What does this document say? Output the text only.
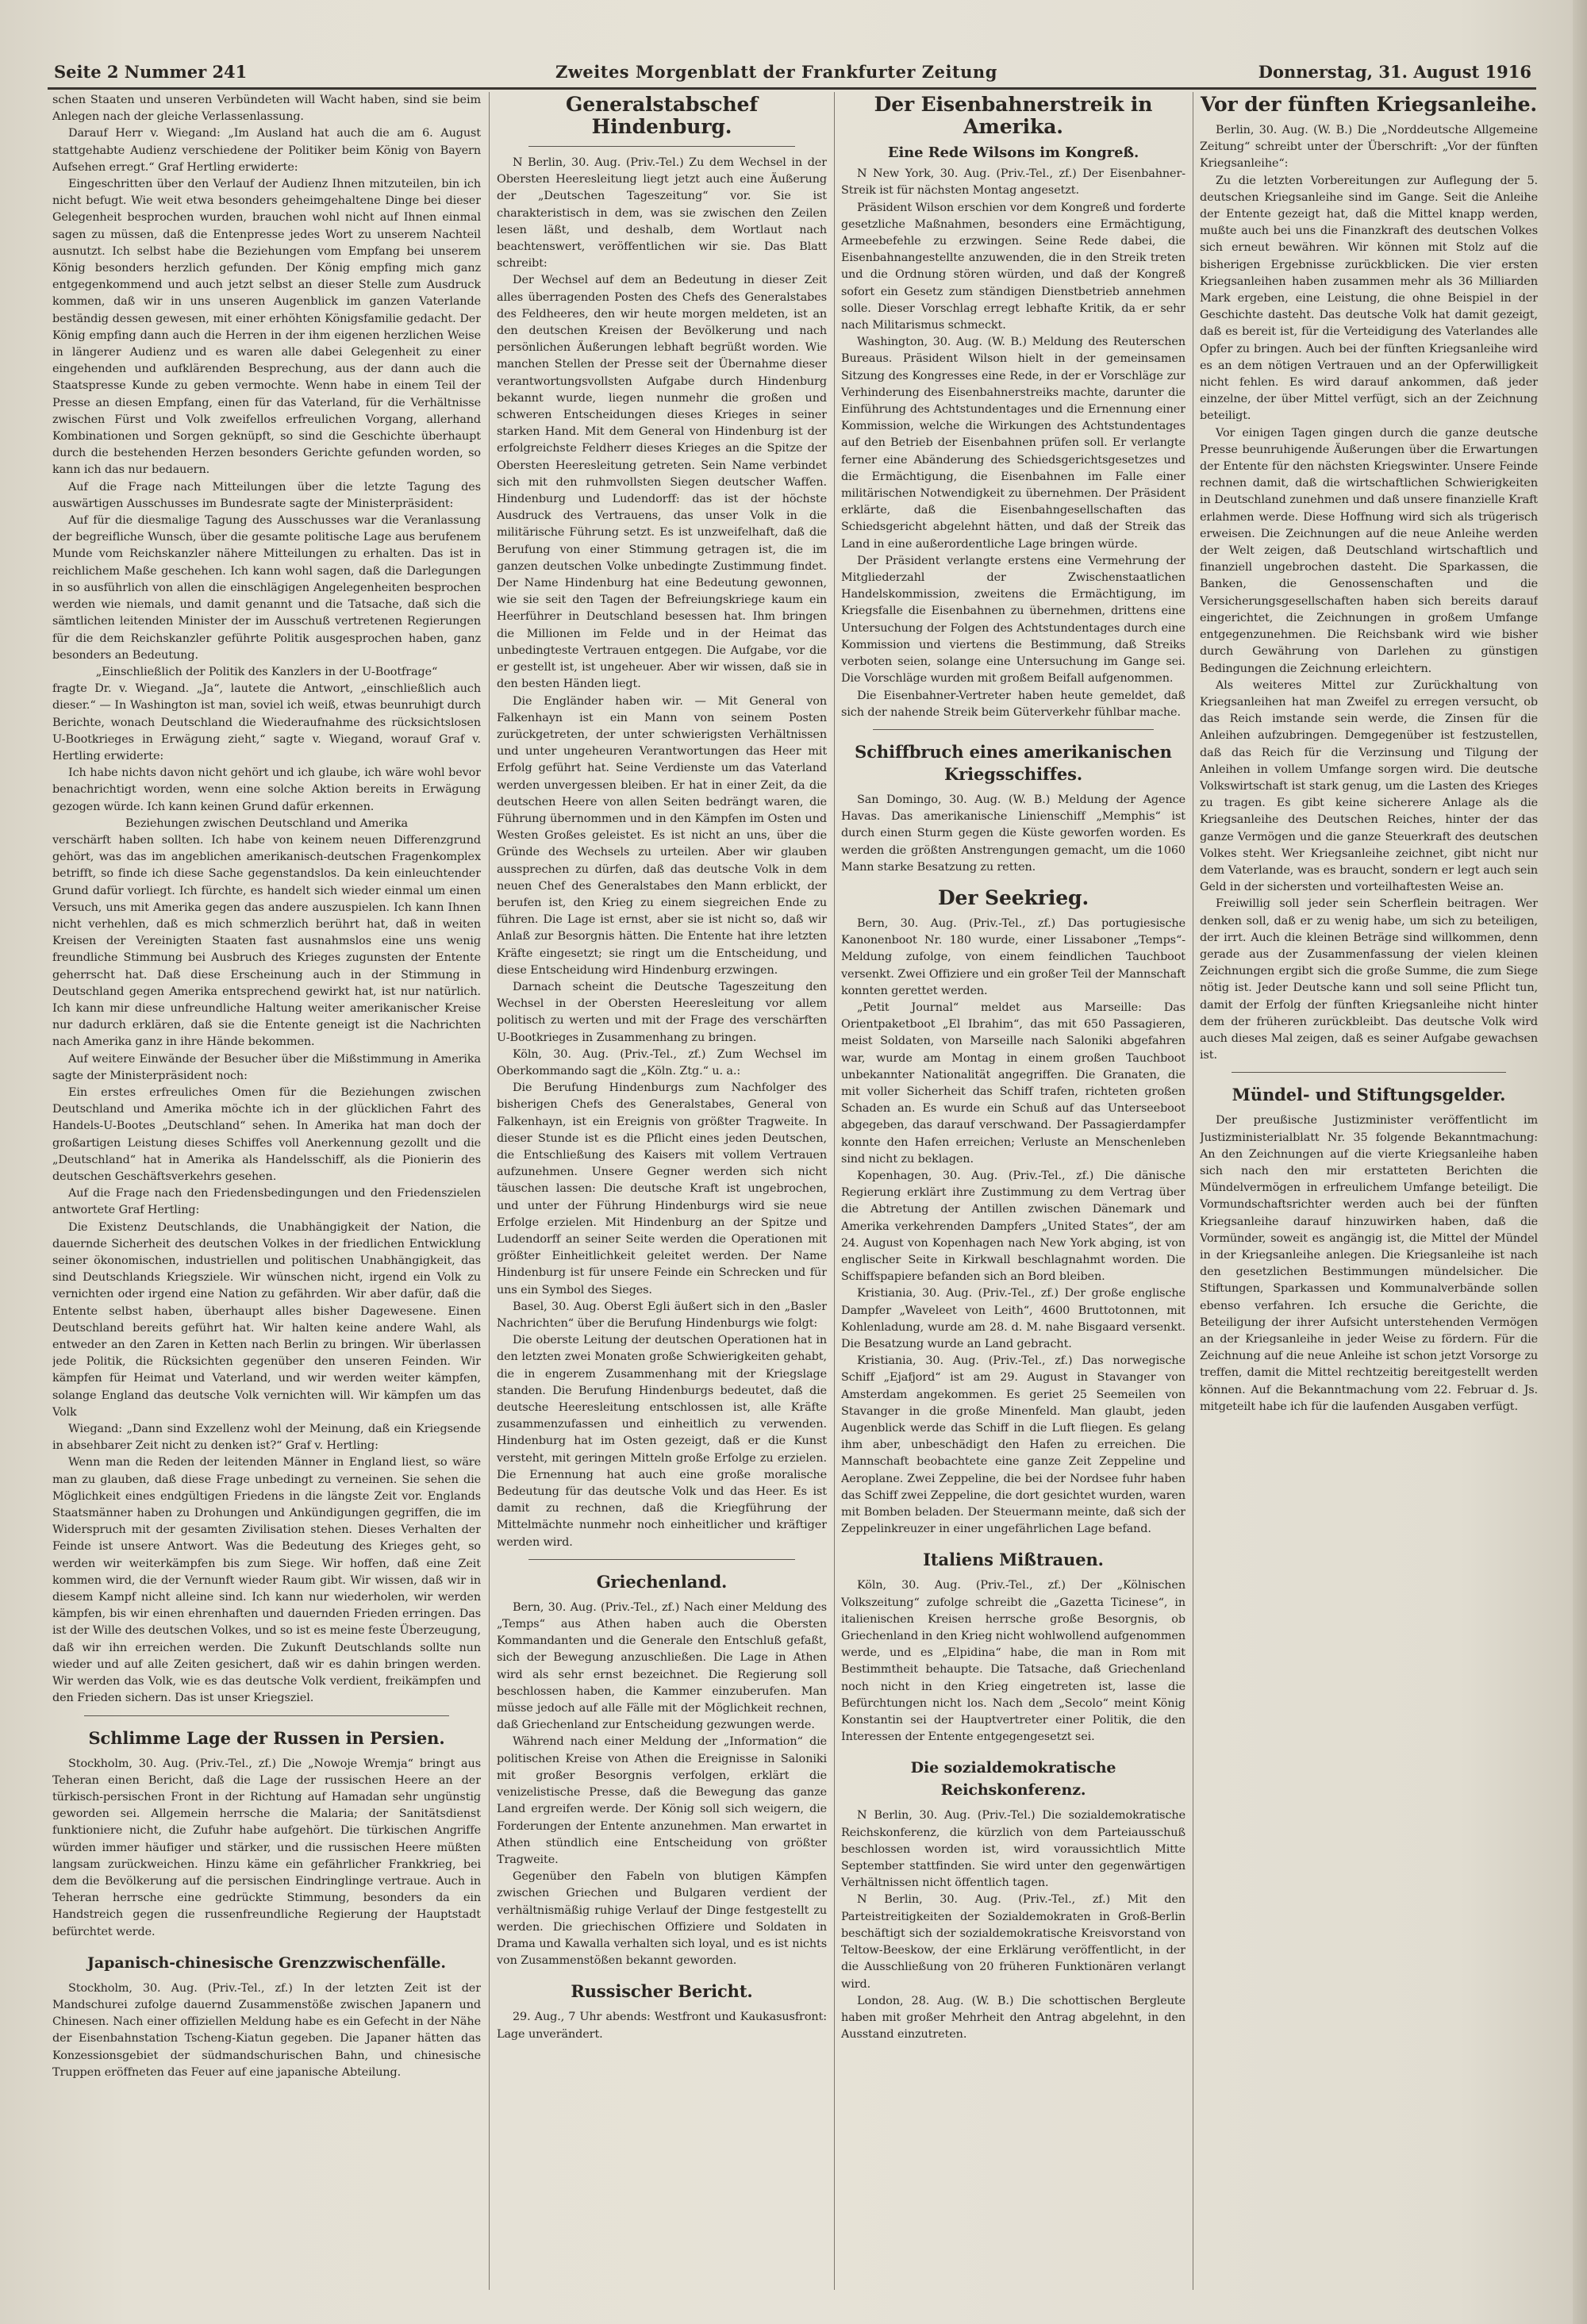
Seite 2 Nummer 241	Zweites Morgenblatt der Frankfurter Zeitung	Donnerstag, 31. August 1916

schen Staaten und unseren Verbündeten will Wacht haben, sind sie beim Anlegen nach der gleiche Verlassenlassung.

Darauf Herr v. Wiegand: „Im Ausland hat auch die am 6. August stattgehabte Audienz verschiedene der Politiker beim König von Bayern Aufsehen erregt.“ Graf Hertling erwiderte:

Eingeschritten über den Verlauf der Audienz Ihnen mitzuteilen, bin ich nicht befugt. Wie weit etwa besonders geheimgehaltene Dinge bei dieser Gelegenheit besprochen wurden, brauchen wohl nicht auf Ihnen einmal sagen zu müssen, daß die Entenpresse jedes Wort zu unserem Nachteil ausnutzt. Ich selbst habe die Beziehungen vom Empfang bei unserem König besonders herzlich gefunden. Der König empfing mich ganz entgegenkommend und auch jetzt selbst an dieser Stelle zum Ausdruck kommen, daß wir in uns unseren Augenblick im ganzen Vaterlande beständig dessen gewesen, mit einer erhöhten Königsfamilie gedacht. Der König empfing dann auch die Herren in der ihm eigenen herzlichen Weise in längerer Audienz und es waren alle dabei Gelegenheit zu einer eingehenden und aufklärenden Besprechung, aus der dann auch die Staatspresse Kunde zu geben vermochte. Wenn habe in einem Teil der Presse an diesen Empfang, einen für das Vaterland, für die Verhältnisse zwischen Fürst und Volk zweifellos erfreulichen Vorgang, allerhand Kombinationen und Sorgen geknüpft, so sind die Geschichte überhaupt durch die bestehenden Herzen besonders Gerichte gefunden worden, so kann ich das nur bedauern.

Auf die Frage nach Mitteilungen über die letzte Tagung des auswärtigen Ausschusses im Bundesrate sagte der Ministerpräsident:

Auf für die diesmalige Tagung des Ausschusses war die Veranlassung der begreifliche Wunsch, über die gesamte politische Lage aus berufenem Munde vom Reichskanzler nähere Mitteilungen zu erhalten. Das ist in reichlichem Maße geschehen. Ich kann wohl sagen, daß die Darlegungen in so ausführlich von allen die einschlägigen Angelegenheiten besprochen werden wie niemals, und damit genannt und die Tatsache, daß sich die sämtlichen leitenden Minister der im Ausschuß vertretenen Regierungen für die dem Reichskanzler geführte Politik ausgesprochen haben, ganz besonders an Bedeutung.

„Einschließlich der Politik des Kanzlers in der U-Bootfrage“

fragte Dr. v. Wiegand. „Ja“, lautete die Antwort, „einschließlich auch dieser.“ — In Washington ist man, soviel ich weiß, etwas beunruhigt durch Berichte, wonach Deutschland die Wiederaufnahme des rücksichtslosen U-Bootkrieges in Erwägung zieht,“ sagte v. Wiegand, worauf Graf v. Hertling erwiderte:

Ich habe nichts davon nicht gehört und ich glaube, ich wäre wohl bevor benachrichtigt worden, wenn eine solche Aktion bereits in Erwägung gezogen würde. Ich kann keinen Grund dafür erkennen.

Beziehungen zwischen Deutschland und Amerika

verschärft haben sollten. Ich habe von keinem neuen Differenzgrund gehört, was das im angeblichen amerikanisch-deutschen Fragenkomplex betrifft, so finde ich diese Sache gegenstandslos. Da kein einleuchtender Grund dafür vorliegt. Ich fürchte, es handelt sich wieder einmal um einen Versuch, uns mit Amerika gegen das andere auszuspielen. Ich kann Ihnen nicht verhehlen, daß es mich schmerzlich berührt hat, daß in weiten Kreisen der Vereinigten Staaten fast ausnahmslos eine uns wenig freundliche Stimmung bei Ausbruch des Krieges zugunsten der Entente geherrscht hat. Daß diese Erscheinung auch in der Stimmung in Deutschland gegen Amerika entsprechend gewirkt hat, ist nur natürlich. Ich kann mir diese unfreundliche Haltung weiter amerikanischer Kreise nur dadurch erklären, daß sie die Entente geneigt ist die Nachrichten nach Amerika ganz in ihre Hände bekommen.

Auf weitere Einwände der Besucher über die Mißstimmung in Amerika sagte der Ministerpräsident noch:

Ein erstes erfreuliches Omen für die Beziehungen zwischen Deutschland und Amerika möchte ich in der glücklichen Fahrt des Handels-U-Bootes „Deutschland“ sehen. In Amerika hat man doch der großartigen Leistung dieses Schiffes voll Anerkennung gezollt und die „Deutschland“ hat in Amerika als Handelsschiff, als die Pionierin des deutschen Geschäftsverkehrs gesehen.

Auf die Frage nach den Friedensbedingungen und den Friedenszielen antwortete Graf Hertling:

Die Existenz Deutschlands, die Unabhängigkeit der Nation, die dauernde Sicherheit des deutschen Volkes in der friedlichen Entwicklung seiner ökonomischen, industriellen und politischen Unabhängigkeit, das sind Deutschlands Kriegsziele. Wir wünschen nicht, irgend ein Volk zu vernichten oder irgend eine Nation zu gefährden. Wir aber dafür, daß die Entente selbst haben, überhaupt alles bisher Dagewesene. Einen Deutschland bereits geführt hat. Wir halten keine andere Wahl, als entweder an den Zaren in Ketten nach Berlin zu bringen. Wir überlassen jede Politik, die Rücksichten gegenüber den unseren Feinden. Wir kämpfen für Heimat und Vaterland, und wir werden weiter kämpfen, solange England das deutsche Volk vernichten will. Wir kämpfen um das Volk

Wiegand: „Dann sind Exzellenz wohl der Meinung, daß ein Kriegsende in absehbarer Zeit nicht zu denken ist?“ Graf v. Hertling:

Wenn man die Reden der leitenden Männer in England liest, so wäre man zu glauben, daß diese Frage unbedingt zu verneinen. Sie sehen die Möglichkeit eines endgültigen Friedens in die längste Zeit vor. Englands Staatsmänner haben zu Drohungen und Ankündigungen gegriffen, die im Widerspruch mit der gesamten Zivilisation stehen. Dieses Verhalten der Feinde ist unsere Antwort. Was die Bedeutung des Krieges geht, so werden wir weiterkämpfen bis zum Siege. Wir hoffen, daß eine Zeit kommen wird, die der Vernunft wieder Raum gibt. Wir wissen, daß wir in diesem Kampf nicht alleine sind. Ich kann nur wiederholen, wir werden kämpfen, bis wir einen ehrenhaften und dauernden Frieden erringen. Das ist der Wille des deutschen Volkes, und so ist es meine feste Überzeugung, daß wir ihn erreichen werden. Die Zukunft Deutschlands sollte nun wieder und auf alle Zeiten gesichert, daß wir es dahin bringen werden. Wir werden das Volk, wie es das deutsche Volk verdient, freikämpfen und den Frieden sichern. Das ist unser Kriegsziel.

Schlimme Lage der Russen in Persien.

Stockholm, 30. Aug. (Priv.-Tel., zf.) Die „Nowoje Wremja“ bringt aus Teheran einen Bericht, daß die Lage der russischen Heere an der türkisch-persischen Front in der Richtung auf Hamadan sehr ungünstig geworden sei. Allgemein herrsche die Malaria; der Sanitätsdienst funktioniere nicht, die Zufuhr habe aufgehört. Die türkischen Angriffe würden immer häufiger und stärker, und die russischen Heere müßten langsam zurückweichen. Hinzu käme ein gefährlicher Frankkrieg, bei dem die Bevölkerung auf die persischen Eindringlinge vertraue. Auch in Teheran herrsche eine gedrückte Stimmung, besonders da ein Handstreich gegen die russenfreundliche Regierung der Hauptstadt befürchtet werde.

Japanisch-chinesische Grenzzwischenfälle.

Stockholm, 30. Aug. (Priv.-Tel., zf.) In der letzten Zeit ist der Mandschurei zufolge dauernd Zusammenstöße zwischen Japanern und Chinesen. Nach einer offiziellen Meldung habe es ein Gefecht in der Nähe der Eisenbahnstation Tscheng-Kiatun gegeben. Die Japaner hätten das Konzessionsgebiet der südmandschurischen Bahn, und chinesische Truppen eröffneten das Feuer auf eine japanische Abteilung.

Generalstabschef Hindenburg.

N Berlin, 30. Aug. (Priv.-Tel.) Zu dem Wechsel in der Obersten Heeresleitung liegt jetzt auch eine Äußerung der „Deutschen Tageszeitung“ vor. Sie ist charakteristisch in dem, was sie zwischen den Zeilen lesen läßt, und deshalb, dem Wortlaut nach beachtenswert, veröffentlichen wir sie. Das Blatt schreibt:

Der Wechsel auf dem an Bedeutung in dieser Zeit alles überragenden Posten des Chefs des Generalstabes des Feldheeres, den wir heute morgen meldeten, ist an den deutschen Kreisen der Bevölkerung und nach persönlichen Äußerungen lebhaft begrüßt worden. Wie manchen Stellen der Presse seit der Übernahme dieser verantwortungsvollsten Aufgabe durch Hindenburg bekannt wurde, liegen nunmehr die großen und schweren Entscheidungen dieses Krieges in seiner starken Hand. Mit dem General von Hindenburg ist der erfolgreichste Feldherr dieses Krieges an die Spitze der Obersten Heeresleitung getreten. Sein Name verbindet sich mit den ruhmvollsten Siegen deutscher Waffen. Hindenburg und Ludendorff: das ist der höchste Ausdruck des Vertrauens, das unser Volk in die militärische Führung setzt. Es ist unzweifelhaft, daß die Berufung von einer Stimmung getragen ist, die im ganzen deutschen Volke unbedingte Zustimmung findet. Der Name Hindenburg hat eine Bedeutung gewonnen, wie sie seit den Tagen der Befreiungskriege kaum ein Heerführer in Deutschland besessen hat. Ihm bringen die Millionen im Felde und in der Heimat das unbedingteste Vertrauen entgegen. Die Aufgabe, vor die er gestellt ist, ist ungeheuer. Aber wir wissen, daß sie in den besten Händen liegt.

Die Engländer haben wir. — Mit General von Falkenhayn ist ein Mann von seinem Posten zurückgetreten, der unter schwierigsten Verhältnissen und unter ungeheuren Verantwortungen das Heer mit Erfolg geführt hat. Seine Verdienste um das Vaterland werden unvergessen bleiben. Er hat in einer Zeit, da die deutschen Heere von allen Seiten bedrängt waren, die Führung übernommen und in den Kämpfen im Osten und Westen Großes geleistet. Es ist nicht an uns, über die Gründe des Wechsels zu urteilen. Aber wir glauben aussprechen zu dürfen, daß das deutsche Volk in dem neuen Chef des Generalstabes den Mann erblickt, der berufen ist, den Krieg zu einem siegreichen Ende zu führen. Die Lage ist ernst, aber sie ist nicht so, daß wir Anlaß zur Besorgnis hätten. Die Entente hat ihre letzten Kräfte eingesetzt; sie ringt um die Entscheidung, und diese Entscheidung wird Hindenburg erzwingen.

Darnach scheint die Deutsche Tageszeitung den Wechsel in der Obersten Heeresleitung vor allem politisch zu werten und mit der Frage des verschärften U-Bootkrieges in Zusammenhang zu bringen.

Köln, 30. Aug. (Priv.-Tel., zf.) Zum Wechsel im Oberkommando sagt die „Köln. Ztg.“ u. a.:

Die Berufung Hindenburgs zum Nachfolger des bisherigen Chefs des Generalstabes, General von Falkenhayn, ist ein Ereignis von größter Tragweite. In dieser Stunde ist es die Pflicht eines jeden Deutschen, die Entschließung des Kaisers mit vollem Vertrauen aufzunehmen. Unsere Gegner werden sich nicht täuschen lassen: Die deutsche Kraft ist ungebrochen, und unter der Führung Hindenburgs wird sie neue Erfolge erzielen. Mit Hindenburg an der Spitze und Ludendorff an seiner Seite werden die Operationen mit größter Einheitlichkeit geleitet werden. Der Name Hindenburg ist für unsere Feinde ein Schrecken und für uns ein Symbol des Sieges.

Basel, 30. Aug. Oberst Egli äußert sich in den „Basler Nachrichten“ über die Berufung Hindenburgs wie folgt:

Die oberste Leitung der deutschen Operationen hat in den letzten zwei Monaten große Schwierigkeiten gehabt, die in engerem Zusammenhang mit der Kriegslage standen. Die Berufung Hindenburgs bedeutet, daß die deutsche Heeresleitung entschlossen ist, alle Kräfte zusammenzufassen und einheitlich zu verwenden. Hindenburg hat im Osten gezeigt, daß er die Kunst versteht, mit geringen Mitteln große Erfolge zu erzielen. Die Ernennung hat auch eine große moralische Bedeutung für das deutsche Volk und das Heer. Es ist damit zu rechnen, daß die Kriegführung der Mittelmächte nunmehr noch einheitlicher und kräftiger werden wird.

Griechenland.

Bern, 30. Aug. (Priv.-Tel., zf.) Nach einer Meldung des „Temps“ aus Athen haben auch die Obersten Kommandanten und die Generale den Entschluß gefaßt, sich der Bewegung anzuschließen. Die Lage in Athen wird als sehr ernst bezeichnet. Die Regierung soll beschlossen haben, die Kammer einzuberufen. Man müsse jedoch auf alle Fälle mit der Möglichkeit rechnen, daß Griechenland zur Entscheidung gezwungen werde.

Während nach einer Meldung der „Information“ die politischen Kreise von Athen die Ereignisse in Saloniki mit großer Besorgnis verfolgen, erklärt die venizelistische Presse, daß die Bewegung das ganze Land ergreifen werde. Der König soll sich weigern, die Forderungen der Entente anzunehmen. Man erwartet in Athen stündlich eine Entscheidung von größter Tragweite.

Gegenüber den Fabeln von blutigen Kämpfen zwischen Griechen und Bulgaren verdient der verhältnismäßig ruhige Verlauf der Dinge festgestellt zu werden. Die griechischen Offiziere und Soldaten in Drama und Kawalla verhalten sich loyal, und es ist nichts von Zusammenstößen bekannt geworden.

Russischer Bericht.

29. Aug., 7 Uhr abends: Westfront und Kaukasusfront: Lage unverändert.

Der Eisenbahnerstreik in Amerika.
Eine Rede Wilsons im Kongreß.

N New York, 30. Aug. (Priv.-Tel., zf.) Der Eisenbahner-Streik ist für nächsten Montag angesetzt.

Präsident Wilson erschien vor dem Kongreß und forderte gesetzliche Maßnahmen, besonders eine Ermächtigung, Armeebefehle zu erzwingen. Seine Rede dabei, die Eisenbahnangestellte anzuwenden, die in den Streik treten und die Ordnung stören würden, und daß der Kongreß sofort ein Gesetz zum ständigen Dienstbetrieb annehmen solle. Dieser Vorschlag erregt lebhafte Kritik, da er sehr nach Militarismus schmeckt.

Washington, 30. Aug. (W. B.) Meldung des Reuterschen Bureaus. Präsident Wilson hielt in der gemeinsamen Sitzung des Kongresses eine Rede, in der er Vorschläge zur Verhinderung des Eisenbahnerstreiks machte, darunter die Einführung des Achtstundentages und die Ernennung einer Kommission, welche die Wirkungen des Achtstundentages auf den Betrieb der Eisenbahnen prüfen soll. Er verlangte ferner eine Abänderung des Schiedsgerichtsgesetzes und die Ermächtigung, die Eisenbahnen im Falle einer militärischen Notwendigkeit zu übernehmen. Der Präsident erklärte, daß die Eisenbahngesellschaften das Schiedsgericht abgelehnt hätten, und daß der Streik das Land in eine außerordentliche Lage bringen würde.

Der Präsident verlangte erstens eine Vermehrung der Mitgliederzahl der Zwischenstaatlichen Handelskommission, zweitens die Ermächtigung, im Kriegsfalle die Eisenbahnen zu übernehmen, drittens eine Untersuchung der Folgen des Achtstundentages durch eine Kommission und viertens die Bestimmung, daß Streiks verboten seien, solange eine Untersuchung im Gange sei. Die Vorschläge wurden mit großem Beifall aufgenommen.

Die Eisenbahner-Vertreter haben heute gemeldet, daß sich der nahende Streik beim Güterverkehr fühlbar mache.

Schiffbruch eines amerikanischen Kriegsschiffes.

San Domingo, 30. Aug. (W. B.) Meldung der Agence Havas. Das amerikanische Linienschiff „Memphis“ ist durch einen Sturm gegen die Küste geworfen worden. Es werden die größten Anstrengungen gemacht, um die 1060 Mann starke Besatzung zu retten.

Der Seekrieg.

Bern, 30. Aug. (Priv.-Tel., zf.) Das portugiesische Kanonenboot Nr. 180 wurde, einer Lissaboner „Temps“-Meldung zufolge, von einem feindlichen Tauchboot versenkt. Zwei Offiziere und ein großer Teil der Mannschaft konnten gerettet werden.

„Petit Journal“ meldet aus Marseille: Das Orientpaketboot „El Ibrahim“, das mit 650 Passagieren, meist Soldaten, von Marseille nach Saloniki abgefahren war, wurde am Montag in einem großen Tauchboot unbekannter Nationalität angegriffen. Die Granaten, die mit voller Sicherheit das Schiff trafen, richteten großen Schaden an. Es wurde ein Schuß auf das Unterseeboot abgegeben, das darauf verschwand. Der Passagierdampfer konnte den Hafen erreichen; Verluste an Menschenleben sind nicht zu beklagen.

Kopenhagen, 30. Aug. (Priv.-Tel., zf.) Die dänische Regierung erklärt ihre Zustimmung zu dem Vertrag über die Abtretung der Antillen zwischen Dänemark und Amerika verkehrenden Dampfers „United States“, der am 24. August von Kopenhagen nach New York abging, ist von englischer Seite in Kirkwall beschlagnahmt worden. Die Schiffspapiere befanden sich an Bord bleiben.

Kristiania, 30. Aug. (Priv.-Tel., zf.) Der große englische Dampfer „Waveleet von Leith“, 4600 Bruttotonnen, mit Kohlenladung, wurde am 28. d. M. nahe Bisgaard versenkt. Die Besatzung wurde an Land gebracht.

Kristiania, 30. Aug. (Priv.-Tel., zf.) Das norwegische Schiff „Ejafjord“ ist am 29. August in Stavanger von Amsterdam angekommen. Es geriet 25 Seemeilen von Stavanger in die große Minenfeld. Man glaubt, jeden Augenblick werde das Schiff in die Luft fliegen. Es gelang ihm aber, unbeschädigt den Hafen zu erreichen. Die Mannschaft beobachtete eine ganze Zeit Zeppeline und Aeroplane. Zwei Zeppeline, die bei der Nordsee fuhr haben das Schiff zwei Zeppeline, die dort gesichtet wurden, waren mit Bomben beladen. Der Steuermann meinte, daß sich der Zeppelinkreuzer in einer ungefährlichen Lage befand.

Italiens Mißtrauen.

Köln, 30. Aug. (Priv.-Tel., zf.) Der „Kölnischen Volkszeitung“ zufolge schreibt die „Gazetta Ticinese“, in italienischen Kreisen herrsche große Besorgnis, ob Griechenland in den Krieg nicht wohlwollend aufgenommen werde, und es „Elpidina“ habe, die man in Rom mit Bestimmtheit behaupte. Die Tatsache, daß Griechenland noch nicht in den Krieg eingetreten ist, lasse die Befürchtungen nicht los. Nach dem „Secolo“ meint König Konstantin sei der Hauptvertreter einer Politik, die den Interessen der Entente entgegengesetzt sei.

Die sozialdemokratische Reichskonferenz.

N Berlin, 30. Aug. (Priv.-Tel.) Die sozialdemokratische Reichskonferenz, die kürzlich von dem Parteiausschuß beschlossen worden ist, wird voraussichtlich Mitte September stattfinden. Sie wird unter den gegenwärtigen Verhältnissen nicht öffentlich tagen.

N Berlin, 30. Aug. (Priv.-Tel., zf.) Mit den Parteistreitigkeiten der Sozialdemokraten in Groß-Berlin beschäftigt sich der sozialdemokratische Kreisvorstand von Teltow-Beeskow, der eine Erklärung veröffentlicht, in der die Ausschließung von 20 früheren Funktionären verlangt wird.

London, 28. Aug. (W. B.) Die schottischen Bergleute haben mit großer Mehrheit den Antrag abgelehnt, in den Ausstand einzutreten.

Vor der fünften Kriegsanleihe.

Berlin, 30. Aug. (W. B.) Die „Norddeutsche Allgemeine Zeitung“ schreibt unter der Überschrift: „Vor der fünften Kriegsanleihe“:

Zu die letzten Vorbereitungen zur Auflegung der 5. deutschen Kriegsanleihe sind im Gange. Seit die Anleihe der Entente gezeigt hat, daß die Mittel knapp werden, mußte auch bei uns die Finanzkraft des deutschen Volkes sich erneut bewähren. Wir können mit Stolz auf die bisherigen Ergebnisse zurückblicken. Die vier ersten Kriegsanleihen haben zusammen mehr als 36 Milliarden Mark ergeben, eine Leistung, die ohne Beispiel in der Geschichte dasteht. Das deutsche Volk hat damit gezeigt, daß es bereit ist, für die Verteidigung des Vaterlandes alle Opfer zu bringen. Auch bei der fünften Kriegsanleihe wird es an dem nötigen Vertrauen und an der Opferwilligkeit nicht fehlen. Es wird darauf ankommen, daß jeder einzelne, der über Mittel verfügt, sich an der Zeichnung beteiligt.

Vor einigen Tagen gingen durch die ganze deutsche Presse beunruhigende Äußerungen über die Erwartungen der Entente für den nächsten Kriegswinter. Unsere Feinde rechnen damit, daß die wirtschaftlichen Schwierigkeiten in Deutschland zunehmen und daß unsere finanzielle Kraft erlahmen werde. Diese Hoffnung wird sich als trügerisch erweisen. Die Zeichnungen auf die neue Anleihe werden der Welt zeigen, daß Deutschland wirtschaftlich und finanziell ungebrochen dasteht. Die Sparkassen, die Banken, die Genossenschaften und die Versicherungsgesellschaften haben sich bereits darauf eingerichtet, die Zeichnungen in großem Umfange entgegenzunehmen. Die Reichsbank wird wie bisher durch Gewährung von Darlehen zu günstigen Bedingungen die Zeichnung erleichtern.

Als weiteres Mittel zur Zurückhaltung von Kriegsanleihen hat man Zweifel zu erregen versucht, ob das Reich imstande sein werde, die Zinsen für die Anleihen aufzubringen. Demgegenüber ist festzustellen, daß das Reich für die Verzinsung und Tilgung der Anleihen in vollem Umfange sorgen wird. Die deutsche Volkswirtschaft ist stark genug, um die Lasten des Krieges zu tragen. Es gibt keine sicherere Anlage als die Kriegsanleihe des Deutschen Reiches, hinter der das ganze Vermögen und die ganze Steuerkraft des deutschen Volkes steht. Wer Kriegsanleihe zeichnet, gibt nicht nur dem Vaterlande, was es braucht, sondern er legt auch sein Geld in der sichersten und vorteilhaftesten Weise an.

Freiwillig soll jeder sein Scherflein beitragen. Wer denken soll, daß er zu wenig habe, um sich zu beteiligen, der irrt. Auch die kleinen Beträge sind willkommen, denn gerade aus der Zusammenfassung der vielen kleinen Zeichnungen ergibt sich die große Summe, die zum Siege nötig ist. Jeder Deutsche kann und soll seine Pflicht tun, damit der Erfolg der fünften Kriegsanleihe nicht hinter dem der früheren zurückbleibt. Das deutsche Volk wird auch dieses Mal zeigen, daß es seiner Aufgabe gewachsen ist.

Mündel- und Stiftungsgelder.

Der preußische Justizminister veröffentlicht im Justizministerialblatt Nr. 35 folgende Bekanntmachung: An den Zeichnungen auf die vierte Kriegsanleihe haben sich nach den mir erstatteten Berichten die Mündelvermögen in erfreulichem Umfange beteiligt. Die Vormundschaftsrichter werden auch bei der fünften Kriegsanleihe darauf hinzuwirken haben, daß die Vormünder, soweit es angängig ist, die Mittel der Mündel in der Kriegsanleihe anlegen. Die Kriegsanleihe ist nach den gesetzlichen Bestimmungen mündelsicher. Die Stiftungen, Sparkassen und Kommunalverbände sollen ebenso verfahren. Ich ersuche die Gerichte, die Beteiligung der ihrer Aufsicht unterstehenden Vermögen an der Kriegsanleihe in jeder Weise zu fördern. Für die Zeichnung auf die neue Anleihe ist schon jetzt Vorsorge zu treffen, damit die Mittel rechtzeitig bereitgestellt werden können. Auf die Bekanntmachung vom 22. Februar d. Js. mitgeteilt habe ich für die laufenden Ausgaben verfügt.
